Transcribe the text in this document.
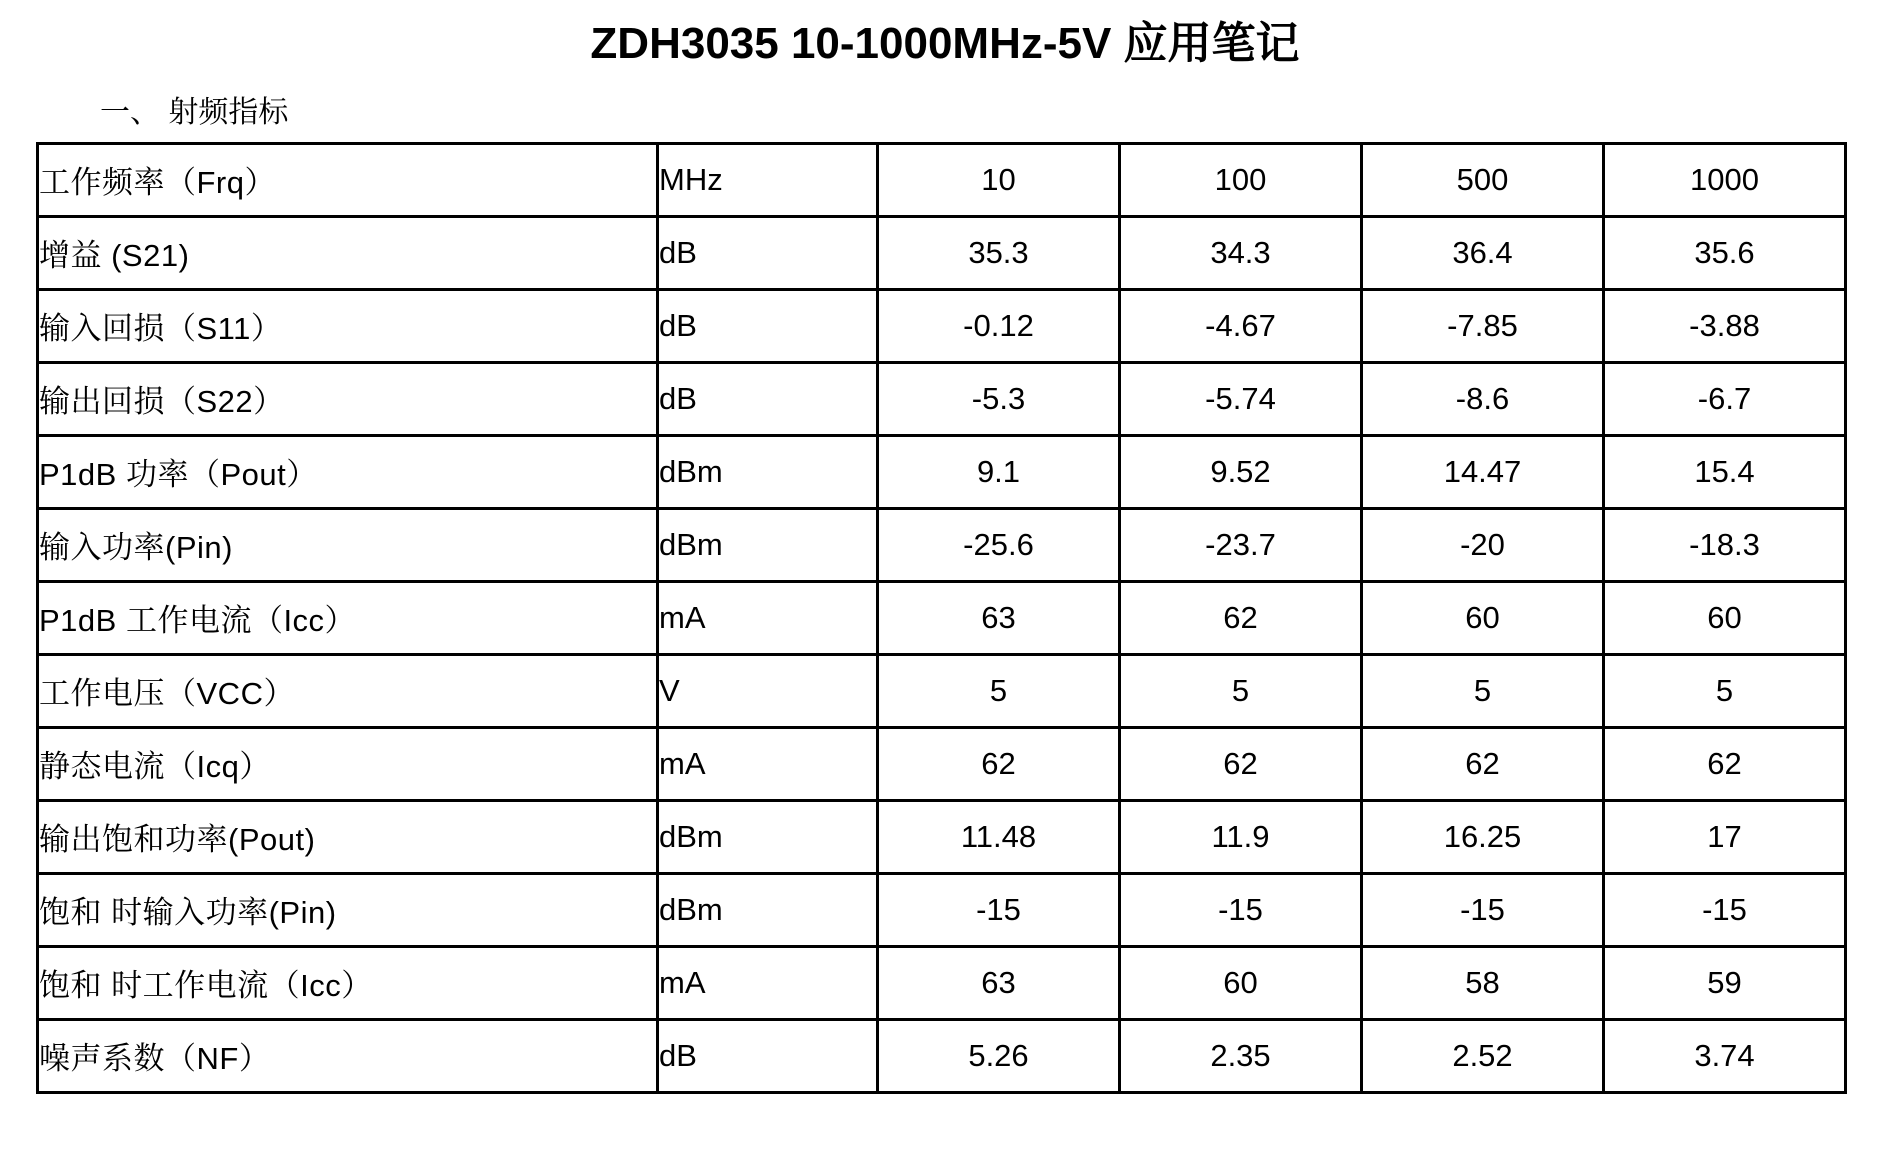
ZDH3035 10-1000MHz-5V 应用笔记
一、 射频指标
工作频率（Frq）	MHz	10	100	500	1000
增益 (S21)	dB	35.3	34.3	36.4	35.6
输入回损（S11）	dB	-0.12	-4.67	-7.85	-3.88
输出回损（S22）	dB	-5.3	-5.74	-8.6	-6.7
P1dB 功率（Pout）	dBm	9.1	9.52	14.47	15.4
输入功率(Pin)	dBm	-25.6	-23.7	-20	-18.3
P1dB 工作电流（Icc）	mA	63	62	60	60
工作电压（VCC）	V	5	5	5	5
静态电流（Icq）	mA	62	62	62	62
输出饱和功率(Pout)	dBm	11.48	11.9	16.25	17
饱和 时输入功率(Pin)	dBm	-15	-15	-15	-15
饱和 时工作电流（Icc）	mA	63	60	58	59
噪声系数（NF）	dB	5.26	2.35	2.52	3.74
